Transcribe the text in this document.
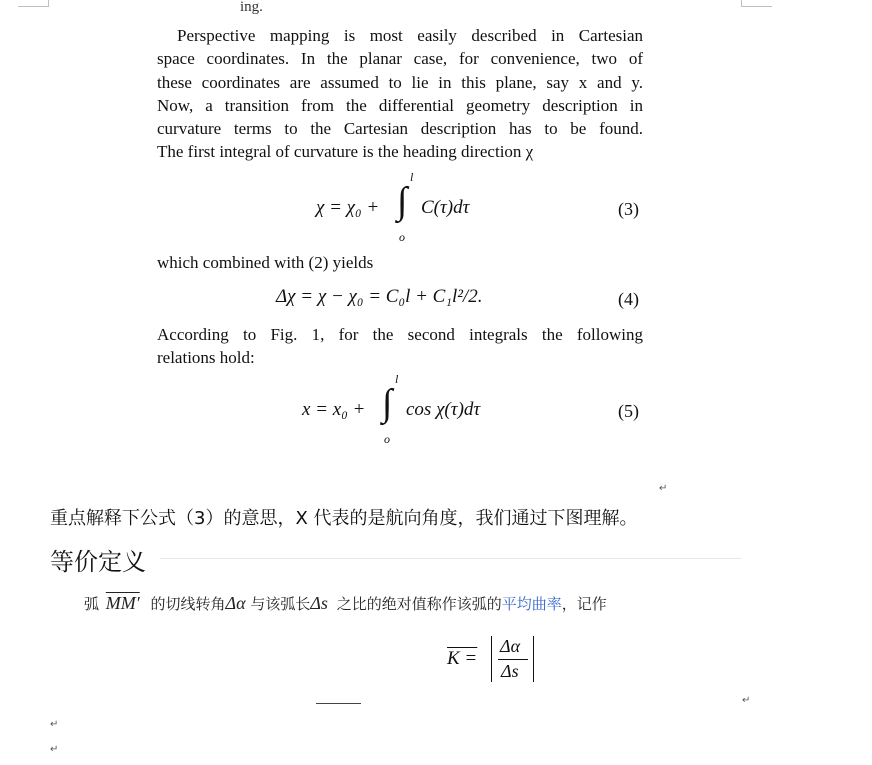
ing.
Perspective mapping is most easily described in Cartesian
space coordinates. In the planar case, for convenience, two of
these coordinates are assumed to lie in this plane, say x and y.
Now, a transition from the differential geometry description in
curvature terms to the Cartesian description has to be found.
The first integral of curvature is the heading direction χ
χ = χ₀ + ∫
l
o
C(τ)dτ	(3)
which combined with (2) yields
Δχ = χ − χ₀ = C₀l + C₁l²/2.	(4)
According to Fig. 1, for the second integrals the following
relations hold:
x = x₀ + ∫
l
o
cos χ(τ)dτ	(5)
↵
重点解释下公式（3）的意思，X 代表的是航向角度，我们通过下图理解。
等价定义
弧 MM′ 的切线转角Δα 与该弧长Δs 之比的绝对值称作该弧的平均曲率，记作
K =
Δα
Δs
↵
↵
↵
